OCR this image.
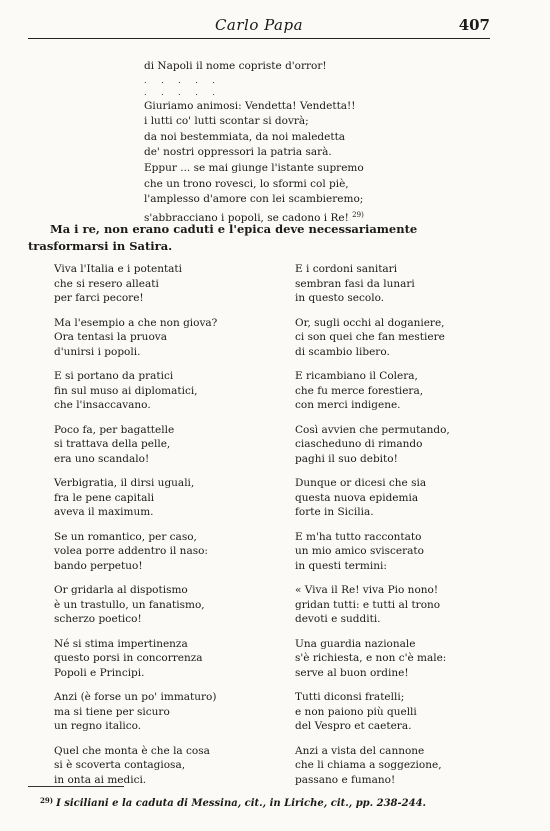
Carlo Papa	407
di Napoli il nome copriste d'orror!
. . . . .
. . . . .
Giuriamo animosi: Vendetta! Vendetta!!
i lutti co' lutti scontar si dovrà;
da noi bestemmiata, da noi maledetta
de' nostri oppressori la patria sarà.
Eppur ... se mai giunge l'istante supremo
che un trono rovesci, lo sformi col piè,
l'amplesso d'amore con lei scambieremo;
s'abbracciano i popoli, se cadono i Re! $^{29)}$
Ma i re, non erano caduti e l'epica deve necessariamente trasformarsi in Satira.
Viva l'Italia e i potentati
che si resero alleati
per farci pecore!
Ma l'esempio a che non giova?
Ora tentasi la pruova
d'unirsi i popoli.
E si portano da pratici
fin sul muso ai diplomatici,
che l'insaccavano.
Poco fa, per bagattelle
si trattava della pelle,
era uno scandalo!
Verbigratia, il dirsi uguali,
fra le pene capitali
aveva il maximum.
Se un romantico, per caso,
volea porre addentro il naso:
bando perpetuo!
Or gridarla al dispotismo
è un trastullo, un fanatismo,
scherzo poetico!
Né si stima impertinenza
questo porsi in concorrenza
Popoli e Principi.
Anzi (è forse un po' immaturo)
ma si tiene per sicuro
un regno italico.
Quel che monta è che la cosa
si è scoverta contagiosa,
in onta ai medici.
E i cordoni sanitari
sembran fasi da lunari
in questo secolo.
Or, sugli occhi al doganiere,
ci son quei che fan mestiere
di scambio libero.
E ricambiano il Colera,
che fu merce forestiera,
con merci indigene.
Così avvien che permutando,
ciascheduno di rimando
paghi il suo debito!
Dunque or dicesi che sia
questa nuova epidemia
forte in Sicilia.
E m'ha tutto raccontato
un mio amico sviscerato
in questi termini:
« Viva il Re! viva Pio nono!
gridan tutti: e tutti al trono
devoti e sudditi.
Una guardia nazionale
s'è richiesta, e non c'è male:
serve al buon ordine!
Tutti diconsi fratelli;
e non paiono più quelli
del Vespro et caetera.
Anzi a vista del cannone
che li chiama a soggezione,
passano e fumano!
$^{29)}$ I siciliani e la caduta di Messina, cit., in Liriche, cit., pp. 238-244.
